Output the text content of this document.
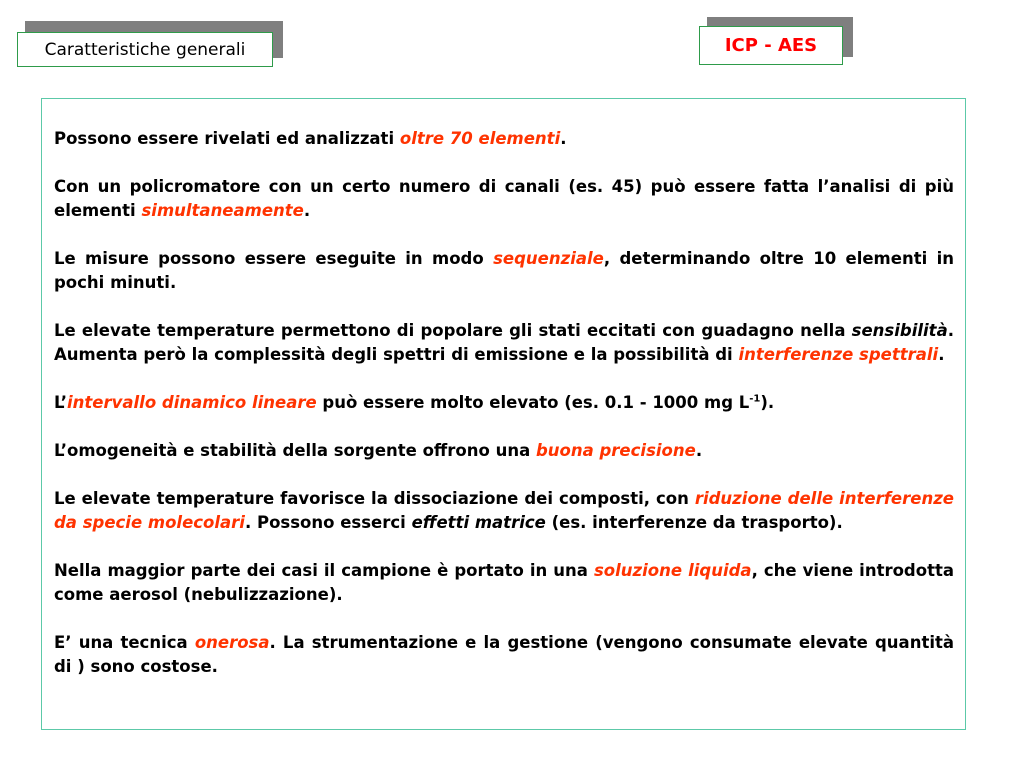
Caratteristiche generali	ICP - AES

Possono essere rivelati ed analizzati oltre 70 elementi.

Con un policromatore con un certo numero di canali (es. 45) può essere fatta l’analisi di più elementi simultaneamente.

Le misure possono essere eseguite in modo sequenziale, determinando oltre 10 elementi in pochi minuti.

Le elevate temperature permettono di popolare gli stati eccitati con guadagno nella sensibilità. Aumenta però la complessità degli spettri di emissione e la possibilità di interferenze spettrali.

L’intervallo dinamico lineare può essere molto elevato (es. 0.1 - 1000 mg $L^{-1}$).

L’omogeneità e stabilità della sorgente offrono una buona precisione.

Le elevate temperature favorisce la dissociazione dei composti, con riduzione delle interferenze da specie molecolari. Possono esserci effetti matrice (es. interferenze da trasporto).

Nella maggior parte dei casi il campione è portato in una soluzione liquida, che viene introdotta come aerosol (nebulizzazione).

E’ una tecnica onerosa. La strumentazione e la gestione (vengono consumate elevate quantità di ) sono costose.
